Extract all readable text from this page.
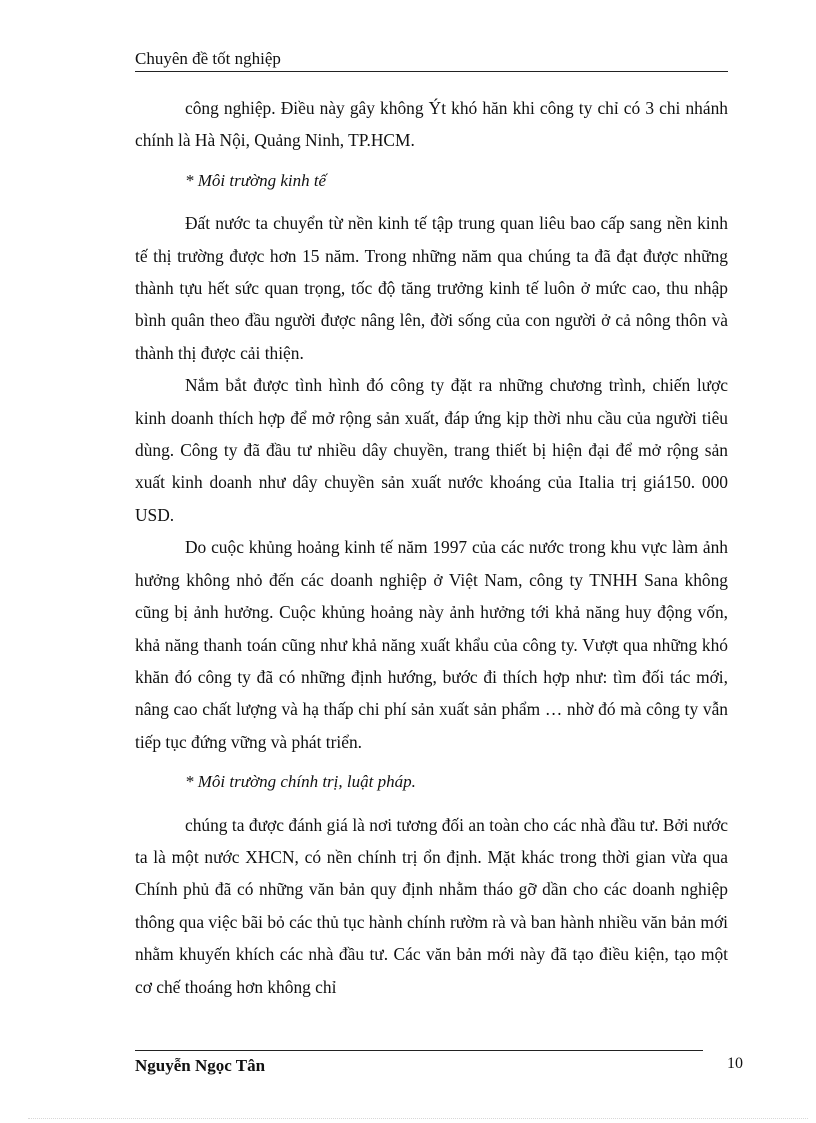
Chuyên đề tốt nghiệp

công nghiệp. Điều này gây không Ýt khó hăn khi công ty chỉ có 3 chi nhánh chính là Hà Nội, Quảng Ninh, TP.HCM.

* Môi trường kinh tế

Đất nước ta chuyển từ nền kinh tế tập trung quan liêu bao cấp sang nền kinh tế thị trường được hơn 15 năm. Trong những năm qua chúng ta đã đạt được những thành tựu hết sức quan trọng, tốc độ tăng trưởng kinh tế luôn ở mức cao, thu nhập bình quân theo đầu người được nâng lên, đời sống của con người ở cả nông thôn và thành thị được cải thiện.

Nắm bắt được tình hình đó công ty đặt ra những chương trình, chiến lược kinh doanh thích hợp để mở rộng sản xuất, đáp ứng kịp thời nhu cầu của người tiêu dùng. Công ty đã đầu tư nhiều dây chuyền, trang thiết bị hiện đại để mở rộng sản xuất kinh doanh như dây chuyền sản xuất nước khoáng của Italia trị giá150. 000 USD.

Do cuộc khủng hoảng kinh tế năm 1997 của các nước trong khu vực làm ảnh hưởng không nhỏ đến các doanh nghiệp ở Việt Nam, công ty TNHH Sana không cũng bị ảnh hưởng. Cuộc khủng hoảng này ảnh hưởng tới khả năng huy động vốn, khả năng thanh toán cũng như khả năng xuất khẩu của công ty. Vượt qua những khó khăn đó công ty đã có những định hướng, bước đi thích hợp như: tìm đối tác mới, nâng cao chất lượng và hạ thấp chi phí sản xuất sản phẩm … nhờ đó mà công ty vẫn tiếp tục đứng vững và phát triển.

* Môi trường chính trị, luật pháp.

chúng ta được đánh giá là nơi tương đối an toàn cho các nhà đầu tư. Bởi nước ta là một nước XHCN, có nền chính trị ổn định. Mặt khác trong thời gian vừa qua Chính phủ đã có những văn bản quy định nhằm tháo gỡ dần cho các doanh nghiệp thông qua việc bãi bỏ các thủ tục hành chính rườm rà và ban hành nhiều văn bản mới nhằm khuyến khích các nhà đầu tư. Các văn bản mới này đã tạo điều kiện, tạo một cơ chế thoáng hơn không chỉ

Nguyễn Ngọc Tân	10
